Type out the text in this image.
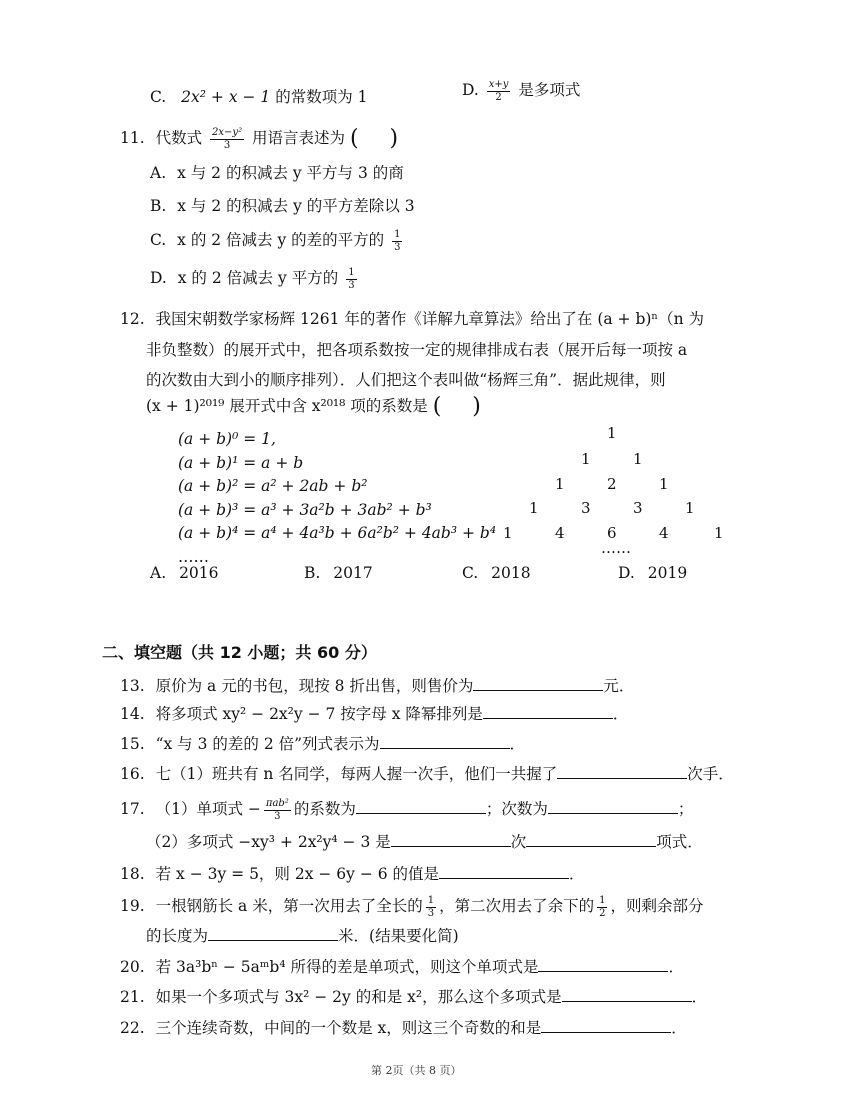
C. 2x² + x − 1 的常数项为 1	D. $\frac{x+y}{2}$ 是多项式
11. 代数式 $\frac{\text{2x−y²}}{3}$ 用语言表述为 ( )
A. x 与 2 的积减去 y 平方与 3 的商
B. x 与 2 的积减去 y 的平方差除以 3
C. x 的 2 倍减去 y 的差的平方的 $\frac{1}{3}$
D. x 的 2 倍减去 y 平方的 $\frac{1}{3}$
12. 我国宋朝数学家杨辉 1261 年的著作《详解九章算法》给出了在 (a + b)ⁿ（n 为
非负整数）的展开式中，把各项系数按一定的规律排成右表（展开后每一项按 a
的次数由大到小的顺序排列）．人们把这个表叫做“杨辉三角”．据此规律，则
(x + 1)²⁰¹⁹ 展开式中含 x²⁰¹⁸ 项的系数是 ( )
(a + b)⁰ = 1,
(a + b)¹ = a + b
(a + b)² = a² + 2ab + b²
(a + b)³ = a³ + 3a²b + 3ab² + b³
(a + b)⁴ = a⁴ + 4a³b + 6a²b² + 4ab³ + b⁴
……
1
1	1
1	2	1
1	3	3	1
1	4	6	4	1
……
A. 2016	B. 2017	C. 2018	D. 2019
二、填空题（共 12 小题；共 60 分）
13. 原价为 a 元的书包，现按 8 折出售，则售价为	元．
14. 将多项式 xy² − 2x²y − 7 按字母 x 降幂排列是	．
15. “x 与 3 的差的 2 倍”列式表示为	．
16. 七（1）班共有 n 名同学，每两人握一次手，他们一共握了	次手．
17. （1）单项式 − $\frac{\text{πab²}}{3}$ 的系数为	；次数为	；
（2）多项式 −xy³ + 2x²y⁴ − 3 是	次	项式．
18. 若 x − 3y = 5，则 2x − 6y − 6 的值是	．
19. 一根钢筋长 a 米，第一次用去了全长的 $\frac{1}{3}$ ，第二次用去了余下的 $\frac{1}{2}$ ，则剩余部分
的长度为	米．(结果要化简)
20. 若 3a³bⁿ − 5aᵐb⁴ 所得的差是单项式，则这个单项式是	．
21. 如果一个多项式与 3x² − 2y 的和是 x²，那么这个多项式是	．
22. 三个连续奇数，中间的一个数是 x，则这三个奇数的和是	．
第 2页（共 8 页）
